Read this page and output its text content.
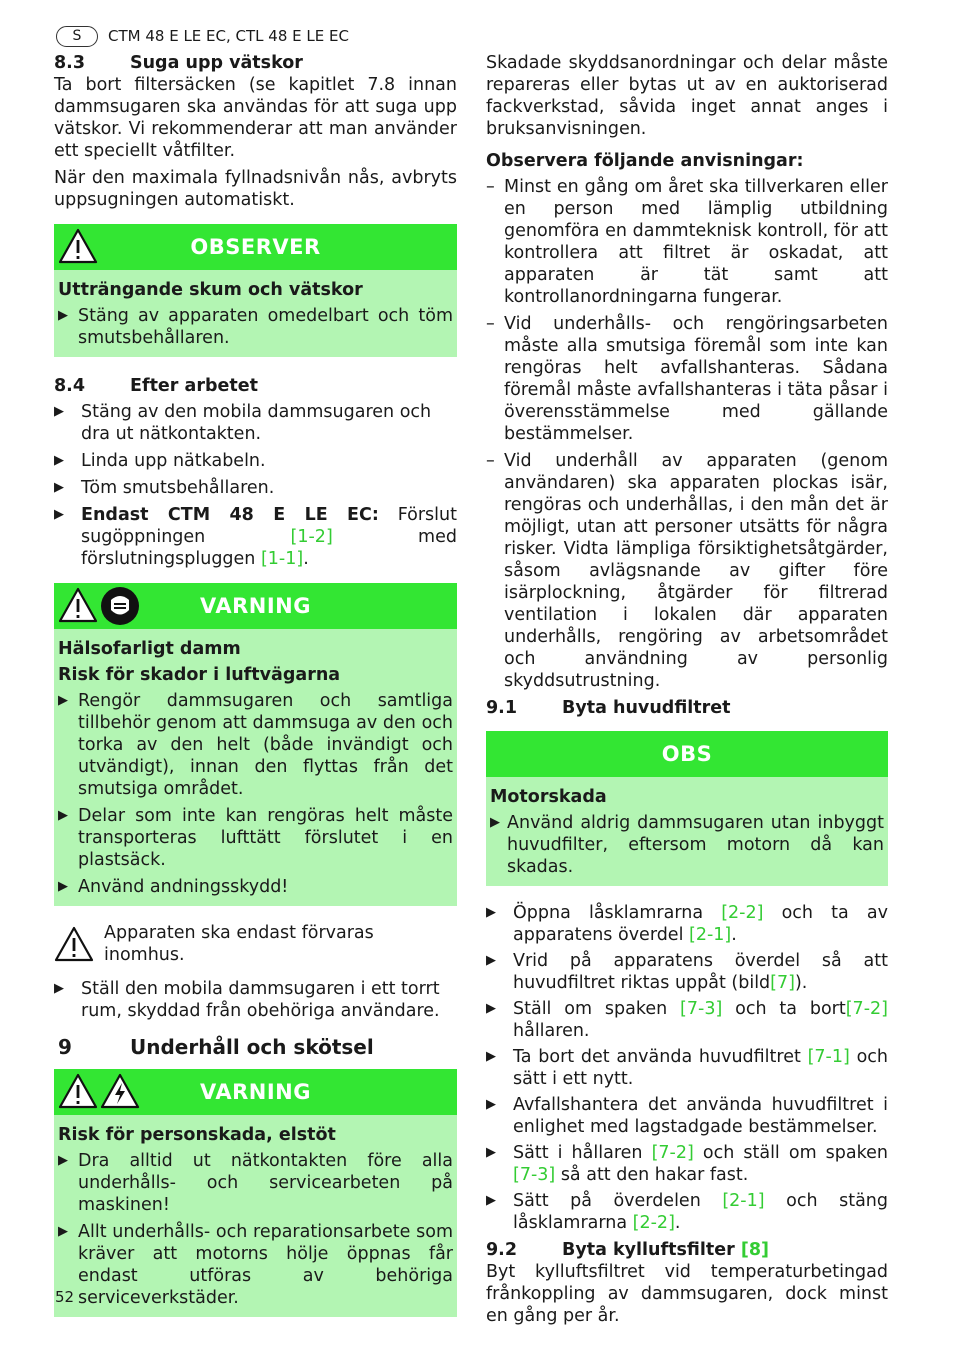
S	CTM 48 E LE EC, CTL 48 E LE EC
8.3	Suga upp vätskor

Ta bort filtersäcken (se kapitlet 7.8 innan dammsugaren ska användas för att suga upp vätskor. Vi rekommenderar att man använder ett speciellt våtfilter.

När den maximala fyllnadsnivån nås, avbryts uppsugningen automatiskt.

OBSERVER
Utträngande skum och vätskor
▶ Stäng av apparaten omedelbart och töm smutsbehållaren.
8.4	Efter arbetet
▶ Stäng av den mobila dammsugaren och dra ut nätkontakten.
▶ Linda upp nätkabeln.
▶ Töm smutsbehållaren.
▶ Endast CTM 48 E LE EC: Förslut sugöppningen [1-2] med förslutningspluggen [1-1].
VARNING
Hälsofarligt damm
Risk för skador i luftvägarna
▶ Rengör dammsugaren och samtliga tillbehör genom att dammsuga av den och torka av den helt (både invändigt och utvändigt), innan den flyttas från det smutsiga området.
▶ Delar som inte kan rengöras helt måste transporteras lufttätt förslutet i en plastsäck.
▶ Använd andningsskydd!
Apparaten ska endast förvaras inomhus.
▶ Ställ den mobila dammsugaren i ett torrt rum, skyddad från obehöriga användare.
9	Underhåll och skötsel
VARNING
Risk för personskada, elstöt
▶ Dra alltid ut nätkontakten före alla underhålls- och servicearbeten på maskinen!
▶ Allt underhålls- och reparationsarbete som kräver att motorns hölje öppnas får endast utföras av behöriga serviceverkstäder.

Skadade skyddsanordningar och delar måste repareras eller bytas ut av en auktoriserad fackverkstad, såvida inget annat anges i bruksanvisningen.

Observera följande anvisningar:
– Minst en gång om året ska tillverkaren eller en person med lämplig utbildning genomföra en dammteknisk kontroll, för att kontrollera att filtret är oskadat, att apparaten är tät samt att kontrollanordningarna fungerar.
– Vid underhålls- och rengöringsarbeten måste alla smutsiga föremål som inte kan rengöras helt avfallshanteras. Sådana föremål måste avfallshanteras i täta påsar i överensstämmelse med gällande bestämmelser.
– Vid underhåll av apparaten (genom användaren) ska apparaten plockas isär, rengöras och underhållas, i den mån det är möjligt, utan att personer utsätts för några risker. Vidta lämpliga försiktighetsåtgärder, såsom avlägsnande av gifter före isärplockning, åtgärder för filtrerad ventilation i lokalen där apparaten underhålls, rengöring av arbetsområdet och användning av personlig skyddsutrustning.
9.1	Byta huvudfiltret
OBS
Motorskada
▶ Använd aldrig dammsugaren utan inbyggt huvudfilter, eftersom motorn då kan skadas.
▶ Öppna låsklamrarna [2-2] och ta av apparatens överdel [2-1].
▶ Vrid på apparatens överdel så att huvudfiltret riktas uppåt (bild[7]).
▶ Ställ om spaken [7-3] och ta bort[7-2] hållaren.
▶ Ta bort det använda huvudfiltret [7-1] och sätt i ett nytt.
▶ Avfallshantera det använda huvudfiltret i enlighet med lagstadgade bestämmelser.
▶ Sätt i hållaren [7-2] och ställ om spaken [7-3] så att den hakar fast.
▶ Sätt på överdelen [2-1] och stäng låsklamrarna [2-2].
9.2	Byta kylluftsfilter [8]

Byt kylluftsfiltret vid temperaturbetingad frånkoppling av dammsugaren, dock minst en gång per år.

52
